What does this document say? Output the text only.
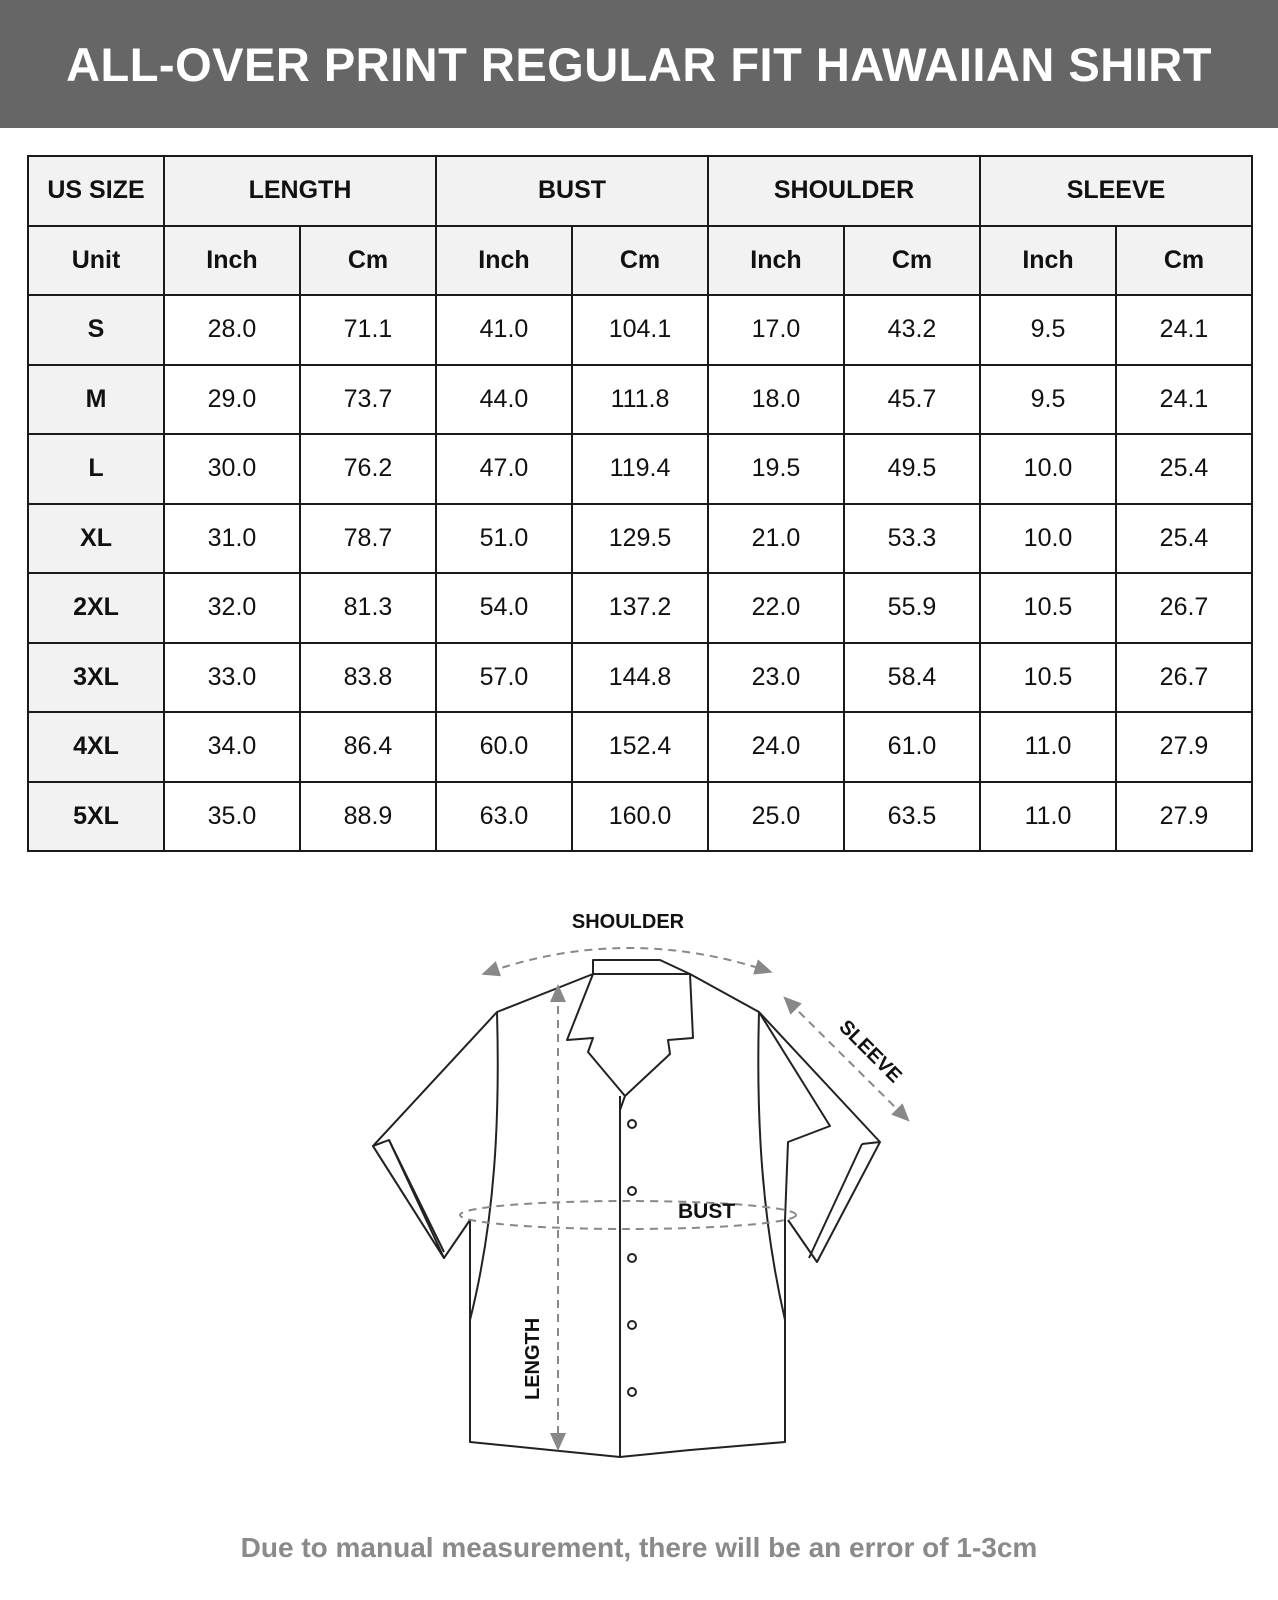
ALL-OVER PRINT REGULAR FIT HAWAIIAN SHIRT
US SIZE	LENGTH		BUST		SHOULDER		SLEEVE	
Unit	Inch	Cm	Inch	Cm	Inch	Cm	Inch	Cm
S	28.0	71.1	41.0	104.1	17.0	43.2	9.5	24.1
M	29.0	73.7	44.0	111.8	18.0	45.7	9.5	24.1
L	30.0	76.2	47.0	119.4	19.5	49.5	10.0	25.4
XL	31.0	78.7	51.0	129.5	21.0	53.3	10.0	25.4
2XL	32.0	81.3	54.0	137.2	22.0	55.9	10.5	26.7
3XL	33.0	83.8	57.0	144.8	23.0	58.4	10.5	26.7
4XL	34.0	86.4	60.0	152.4	24.0	61.0	11.0	27.9
5XL	35.0	88.9	63.0	160.0	25.0	63.5	11.0	27.9
SHOULDER
SLEEVE
BUST
LENGTH
Due to manual measurement, there will be an error of 1-3cm
